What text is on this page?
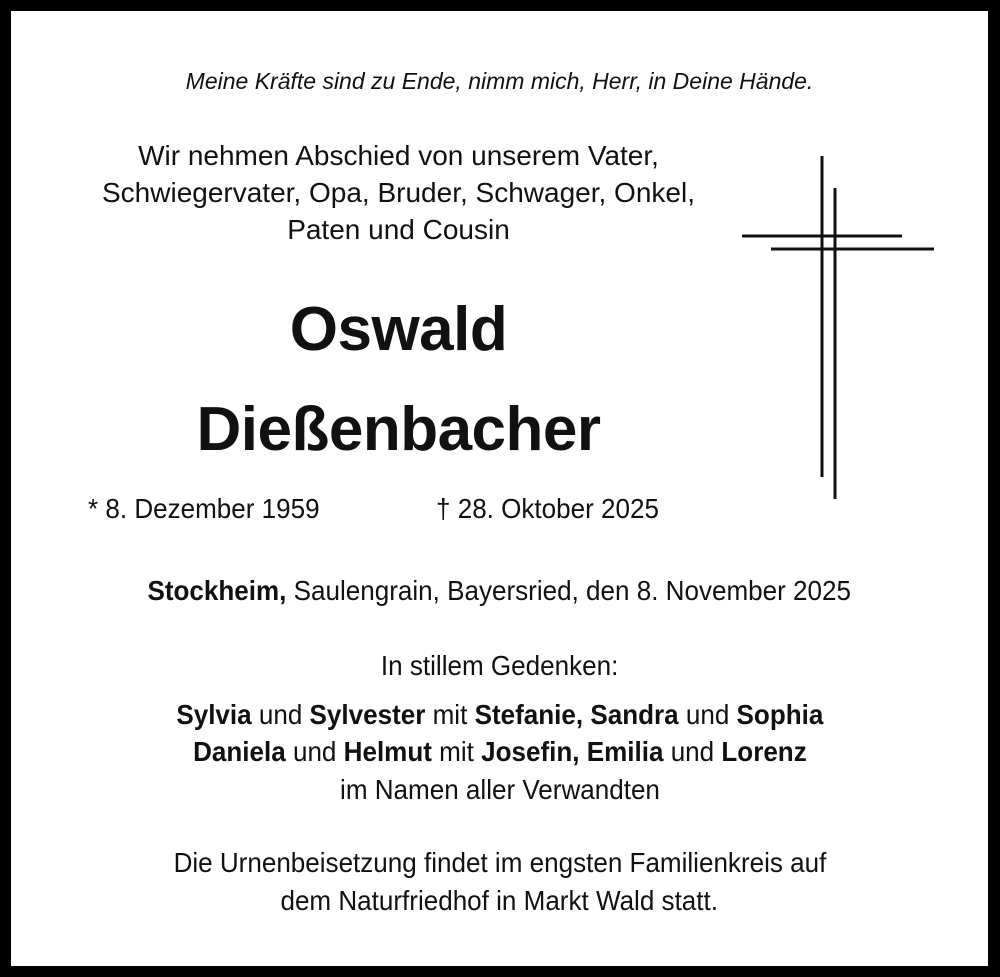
Meine Kräfte sind zu Ende, nimm mich, Herr, in Deine Hände.
Wir nehmen Abschied von unserem Vater,
Schwiegervater, Opa, Bruder, Schwager, Onkel,
Paten und Cousin
Oswald
Dießenbacher
* 8. Dezember 1959	† 28. Oktober 2025
Stockheim, Saulengrain, Bayersried, den 8. November 2025
In stillem Gedenken:
Sylvia und Sylvester mit Stefanie, Sandra und Sophia
Daniela und Helmut mit Josefin, Emilia und Lorenz
im Namen aller Verwandten
Die Urnenbeisetzung findet im engsten Familienkreis auf
dem Naturfriedhof in Markt Wald statt.
